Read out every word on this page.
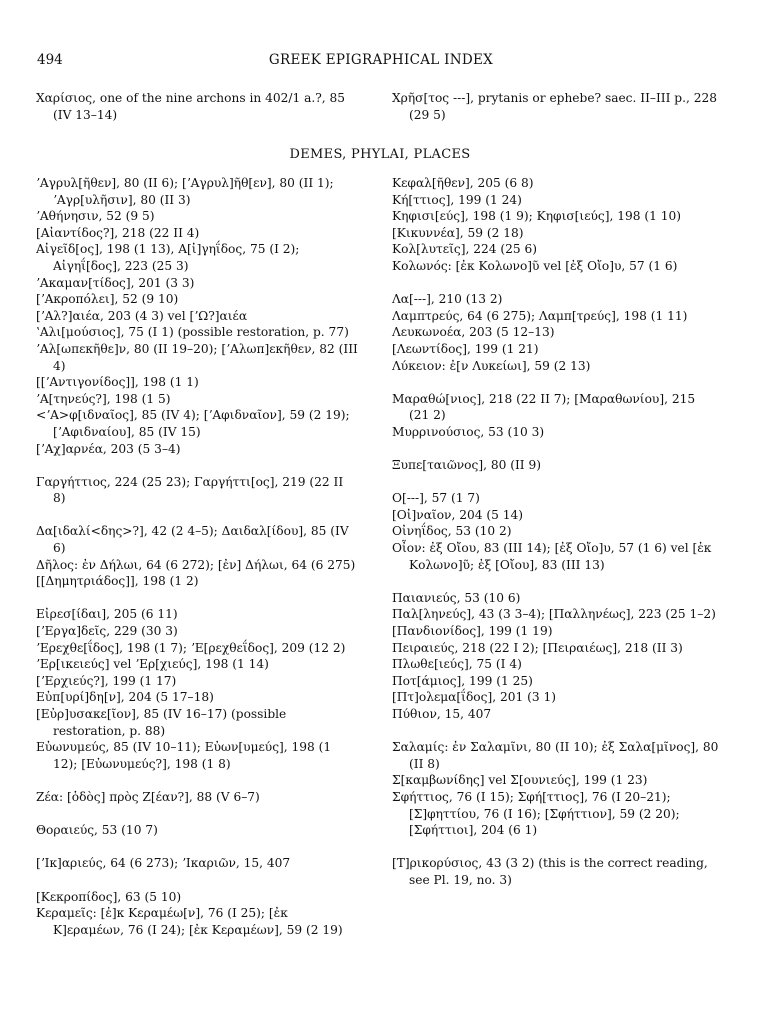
494	GREEK EPIGRAPHICAL INDEX

Χαρίσιος, one of the nine archons in 402/1 a.?, 85 (IV 13–14)

Χρῆσ[τος ---], prytanis or ephebe? saec. II–III p., 228 (29 5)

DEMES, PHYLAI, PLACES

ʼΑγρυλ[ῆθεν], 80 (II 6); [ʼΑγρυλ]ῆθ[εν], 80 (II 1); ʼΑγρ[υλῆσιν], 80 (II 3)

ʼΑθήνησιν, 52 (9 5)

[Αἰαντίδος?], 218 (22 II 4)

Αἰγεῖδ[ος], 198 (1 13), Α[ἰ]γηΐδος, 75 (I 2); Αἰγηΐ[δος], 223 (25 3)

ʼΑκαμαν[τίδος], 201 (3 3)

[ʼΑκροπόλει], 52 (9 10)

[ʼΑλ?]αιέα, 203 (4 3) vel [ʼΩ?]αιέα

ʽΑλι[μούσιος], 75 (I 1) (possible restoration, p. 77)

ʼΑλ[ωπεκῆθε]ν, 80 (II 19–20); [ʼΑλωπ]εκῆθεν, 82 (III 4)

[[ʼΑντιγονίδος]], 198 (1 1)

ʼΑ[τηνεύς?], 198 (1 5)

<ʼΑ>φ[ιδναῖος], 85 (IV 4); [ʼΑφιδναῖον], 59 (2 19); [ʼΑφιδναίου], 85 (IV 15)

[ʼΑχ]αρνέα, 203 (5 3–4)

Γαργήττιος, 224 (25 23); Γαργήττι[ος], 219 (22 II 8)

Δα[ιδαλί<δης>?], 42 (2 4–5); Δαιδαλ[ίδου], 85 (IV 6)

Δῆλος: ἐν Δήλωι, 64 (6 272); [ἐν] Δήλωι, 64 (6 275)

[[Δημητριάδος]], 198 (1 2)

Εἰρεσ[ίδαι], 205 (6 11)

[ʼΕργα]δεῖς, 229 (30 3)

ʼΕρεχθε[ΐδος], 198 (1 7); ʼΕ[ρεχθεΐδος], 209 (12 2)

ʼΕρ[ικειεύς] vel ʼΕρ[χιεύς], 198 (1 14)

[ʼΕρχιεύς?], 199 (1 17)

Εὐπ[υρί]δη[ν], 204 (5 17–18)

[Εὐρ]υσακε[ῖον], 85 (IV 16–17) (possible restoration, p. 88)

Εὐωνυμεύς, 85 (IV 10–11); Εὐων[υμεύς], 198 (1 12); [Εὐωνυμεύς?], 198 (1 8)

Ζέα: [ὁδὸς] πρὸς Ζ[έαν?], 88 (V 6–7)

Θοραιεύς, 53 (10 7)

[ʼΙκ]αριεύς, 64 (6 273); ʼΙκαριῶν, 15, 407

[Κεκροπίδος], 63 (5 10)

Κεραμεῖς: [ἐ]κ Κεραμέω[ν], 76 (I 25); [ἐκ Κ]εραμέων, 76 (I 24); [ἐκ Κεραμέων], 59 (2 19)

Κεφαλ[ῆθεν], 205 (6 8)

Κή[ττιος], 199 (1 24)

Κηφισι[εύς], 198 (1 9); Κηφισ[ιεύς], 198 (1 10)

[Κικυννέα], 59 (2 18)

Κολ[λυτεῖς], 224 (25 6)

Κολωνός: [ἐκ Κολωνο]ῦ vel [ἐξ Οἴο]υ, 57 (1 6)

Λα[---], 210 (13 2)

Λαμπτρεύς, 64 (6 275); Λαμπ[τρεύς], 198 (1 11)

Λευκωνοέα, 203 (5 12–13)

[Λεωντίδος], 199 (1 21)

Λύκειον: ἐ[ν Λυκείωι], 59 (2 13)

Μαραθώ[νιος], 218 (22 II 7); [Μαραθωνίου], 215 (21 2)

Μυρρινούσιος, 53 (10 3)

Ξυπε[ταιῶνος], 80 (II 9)

Ο[---], 57 (1 7)

[Οἰ]ναῖον, 204 (5 14)

Οἰνηΐδος, 53 (10 2)

Οἶον: ἐξ Οἴου, 83 (III 14); [ἐξ Οἴο]υ, 57 (1 6) vel [ἐκ Κολωνο]ῦ; ἐξ [Οἴου], 83 (III 13)

Παιανιεύς, 53 (10 6)

Παλ[ληνεύς], 43 (3 3–4); [Παλληνέως], 223 (25 1–2)

[Πανδιονίδος], 199 (1 19)

Πειραιεύς, 218 (22 I 2); [Πειραιέως], 218 (II 3)

Πλωθε[ιεύς], 75 (I 4)

Ποτ[άμιος], 199 (1 25)

[Πτ]ολεμα[ΐδος], 201 (3 1)

Πύθιον, 15, 407

Σαλαμίς: ἐν Σαλαμῖνι, 80 (II 10); ἐξ Σαλα[μῖνος], 80 (II 8)

Σ[καμβωνίδης] vel Σ[ουνιεύς], 199 (1 23)

Σφήττιος, 76 (I 15); Σφή[ττιος], 76 (I 20–21); [Σ]φηττίου, 76 (I 16); [Σφήττιον], 59 (2 20); [Σφήττιοι], 204 (6 1)

[Τ]ρικορύσιος, 43 (3 2) (this is the correct reading, see Pl. 19, no. 3)
